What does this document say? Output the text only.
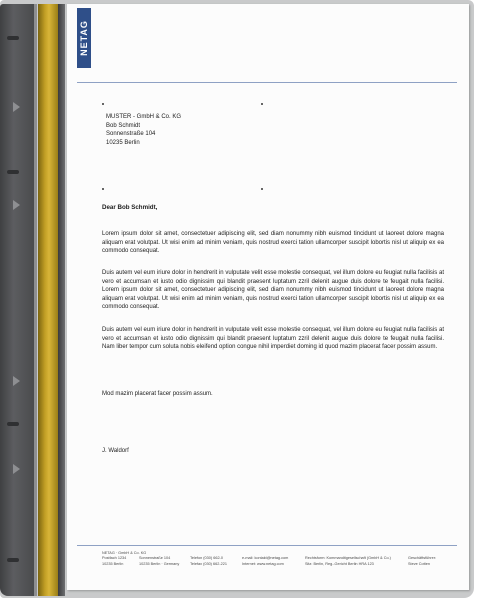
NETAG
MUSTER - GmbH & Co. KG
Bob Schmidt
Sonnenstraße 104
10235 Berlin
Dear Bob Schmidt,
Lorem ipsum dolor sit amet, consectetuer adipiscing elit, sed diam nonummy nibh euismod tincidunt ut laoreet dolore magna aliquam erat volutpat. Ut wisi enim ad minim veniam, quis nostrud exerci tation ullamcorper suscipit lobortis nisl ut aliquip ex ea commodo consequat.
Duis autem vel eum iriure dolor in hendrerit in vulputate velit esse molestie consequat, vel illum dolore eu feugiat nulla facilisis at vero et accumsan et iusto odio dignissim qui blandit praesent luptatum zzril delenit augue duis dolore te feugait nulla facilisi. Lorem ipsum dolor sit amet, consectetuer adipiscing elit, sed diam nonummy nibh euismod tincidunt ut laoreet dolore magna aliquam erat volutpat. Ut wisi enim ad minim veniam, quis nostrud exerci tation ullamcorper suscipit lobortis nisl ut aliquip ex ea commodo consequat.
Duis autem vel eum iriure dolor in hendrerit in vulputate velit esse molestie consequat, vel illum dolore eu feugiat nulla facilisis at vero et accumsan et iusto odio dignissim qui blandit praesent luptatum zzril delenit augue duis dolore te feugait nulla facilisi. Nam liber tempor cum soluta nobis eleifend option congue nihil imperdiet doming id quod mazim placerat facer possim assum.
Mod mazim placerat facer possim assum.
J. Waldorf
NETAG · GmbH & Co. KG
Postfach 1234
10235 Berlin

Sonnenstraße 104
10235 Berlin · Germany

Telefon (030) 662-0
Telefax (030) 662-221

e-mail: kontakt@netag.com
Internet: www.netag.com

Rechtsform: Kommanditgesellschaft (GmbH & Co.)
Sitz: Berlin, Reg.-Gericht Berlin HRA 123

Geschäftsführer:
Steve Cotten
